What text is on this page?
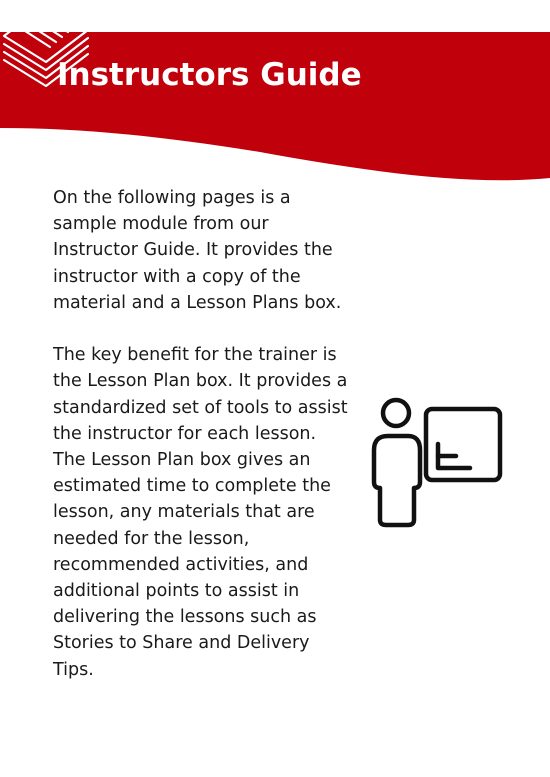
Instructors Guide

On the following pages is a sample module from our Instructor Guide. It provides the instructor with a copy of the material and a Lesson Plans box.

The key benefit for the trainer is the Lesson Plan box. It provides a standardized set of tools to assist the instructor for each lesson. The Lesson Plan box gives an estimated time to complete the lesson, any materials that are needed for the lesson, recommended activities, and additional points to assist in delivering the lessons such as Stories to Share and Delivery Tips.
